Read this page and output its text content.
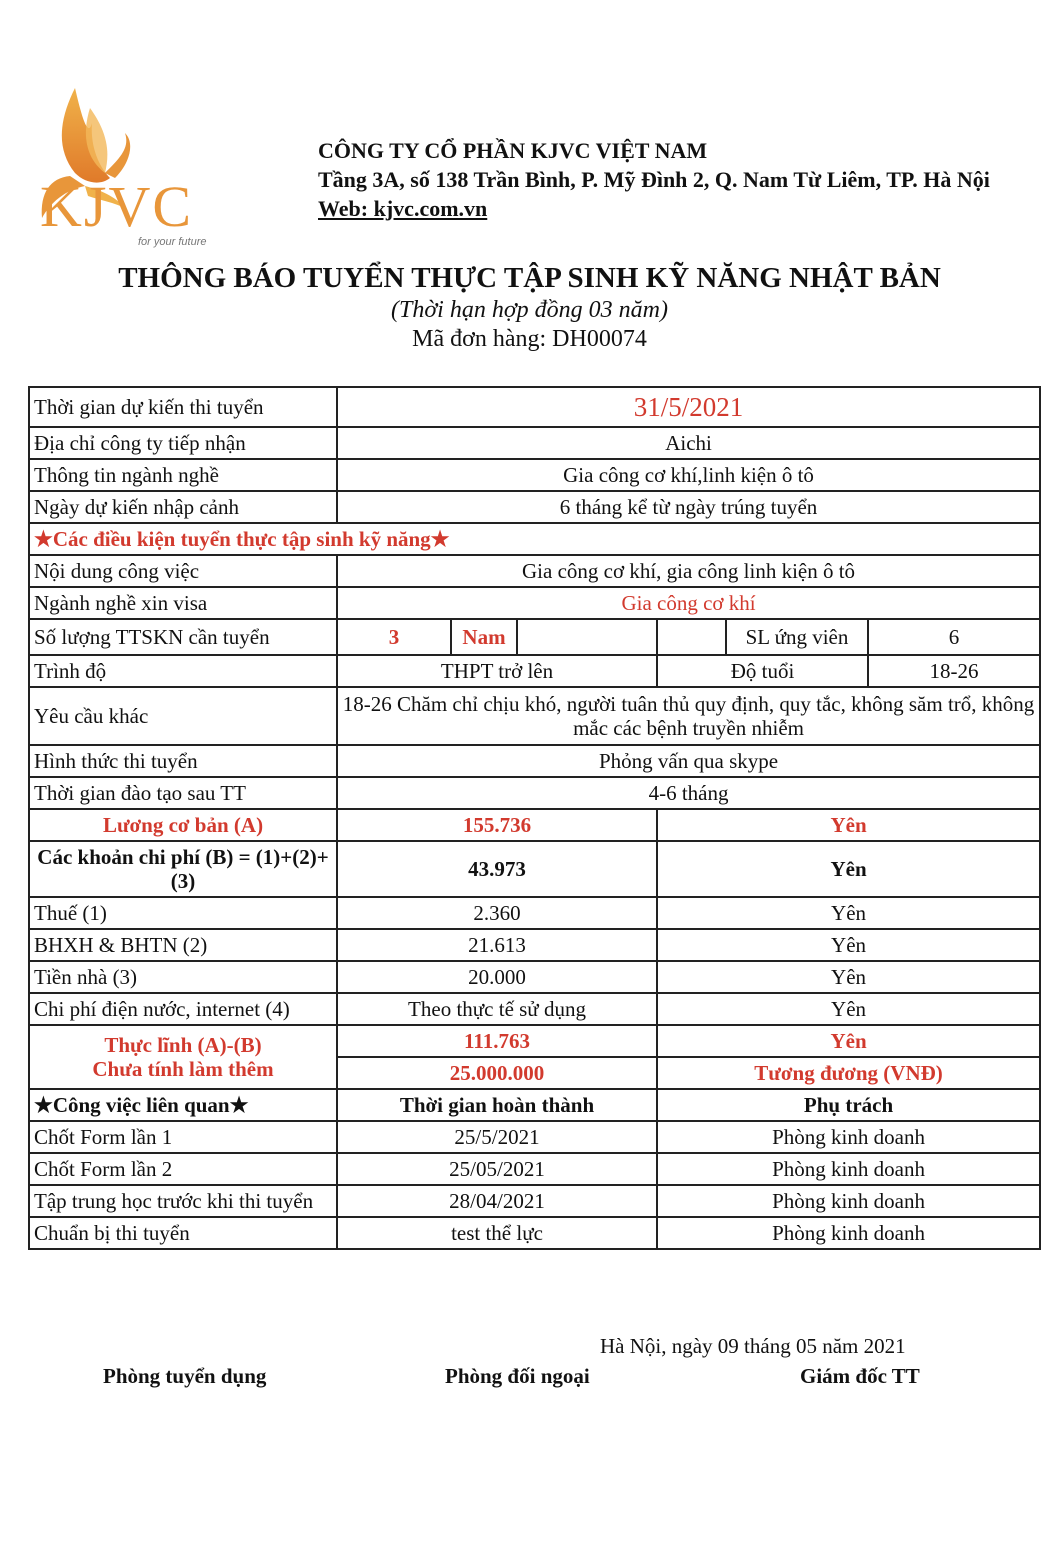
KJVC
for your future
CÔNG TY CỔ PHẦN KJVC VIỆT NAM
Tầng 3A, số 138 Trần Bình, P. Mỹ Đình 2, Q. Nam Từ Liêm, TP. Hà Nội
Web: kjvc.com.vn
THÔNG BÁO TUYỂN THỰC TẬP SINH KỸ NĂNG NHẬT BẢN
(Thời hạn hợp đồng 03 năm)
Mã đơn hàng: DH00074
Thời gian dự kiến thi tuyển	31/5/2021					
Địa chỉ công ty tiếp nhận	Aichi					
Thông tin ngành nghề	Gia công cơ khí,linh kiện ô tô					
Ngày dự kiến nhập cảnh	6 tháng kể từ ngày trúng tuyển					
★Các điều kiện tuyển thực tập sinh kỹ năng★						
Nội dung công việc	Gia công cơ khí, gia công linh kiện ô tô					
Ngành nghề xin visa	Gia công cơ khí					
Số lượng TTSKN cần tuyển	3	Nam			SL ứng viên	6
Trình độ	THPT trở lên			Độ tuổi		18-26
Yêu cầu khác	18-26 Chăm chỉ chịu khó, người tuân thủ quy định, quy tắc, không săm trổ, không mắc các bệnh truyền nhiễm					
Hình thức thi tuyển	Phỏng vấn qua skype					
Thời gian đào tạo sau TT	4-6 tháng					
Lương cơ bản (A)	155.736			Yên		
Các khoản chi phí (B) = (1)+(2)+(3)	43.973			Yên		
Thuế (1)	2.360			Yên		
BHXH & BHTN (2)	21.613			Yên		
Tiền nhà (3)	20.000			Yên		
Chi phí điện nước, internet (4)	Theo thực tế sử dụng			Yên		

Thực lĩnh (A)-(B)
Chưa tính làm thêm	111.763			Yên		
	25.000.000			Tương đương (VNĐ)		
★Công việc liên quan★	Thời gian hoàn thành			Phụ trách		
Chốt Form lần 1	25/5/2021			Phòng kinh doanh		
Chốt Form lần 2	25/05/2021			Phòng kinh doanh		
Tập trung học trước khi thi tuyển	28/04/2021			Phòng kinh doanh		
Chuẩn bị thi tuyển	test thể lực			Phòng kinh doanh		
Hà Nội, ngày 09 tháng 05 năm 2021
Phòng tuyển dụng	Phòng đối ngoại	Giám đốc TT
